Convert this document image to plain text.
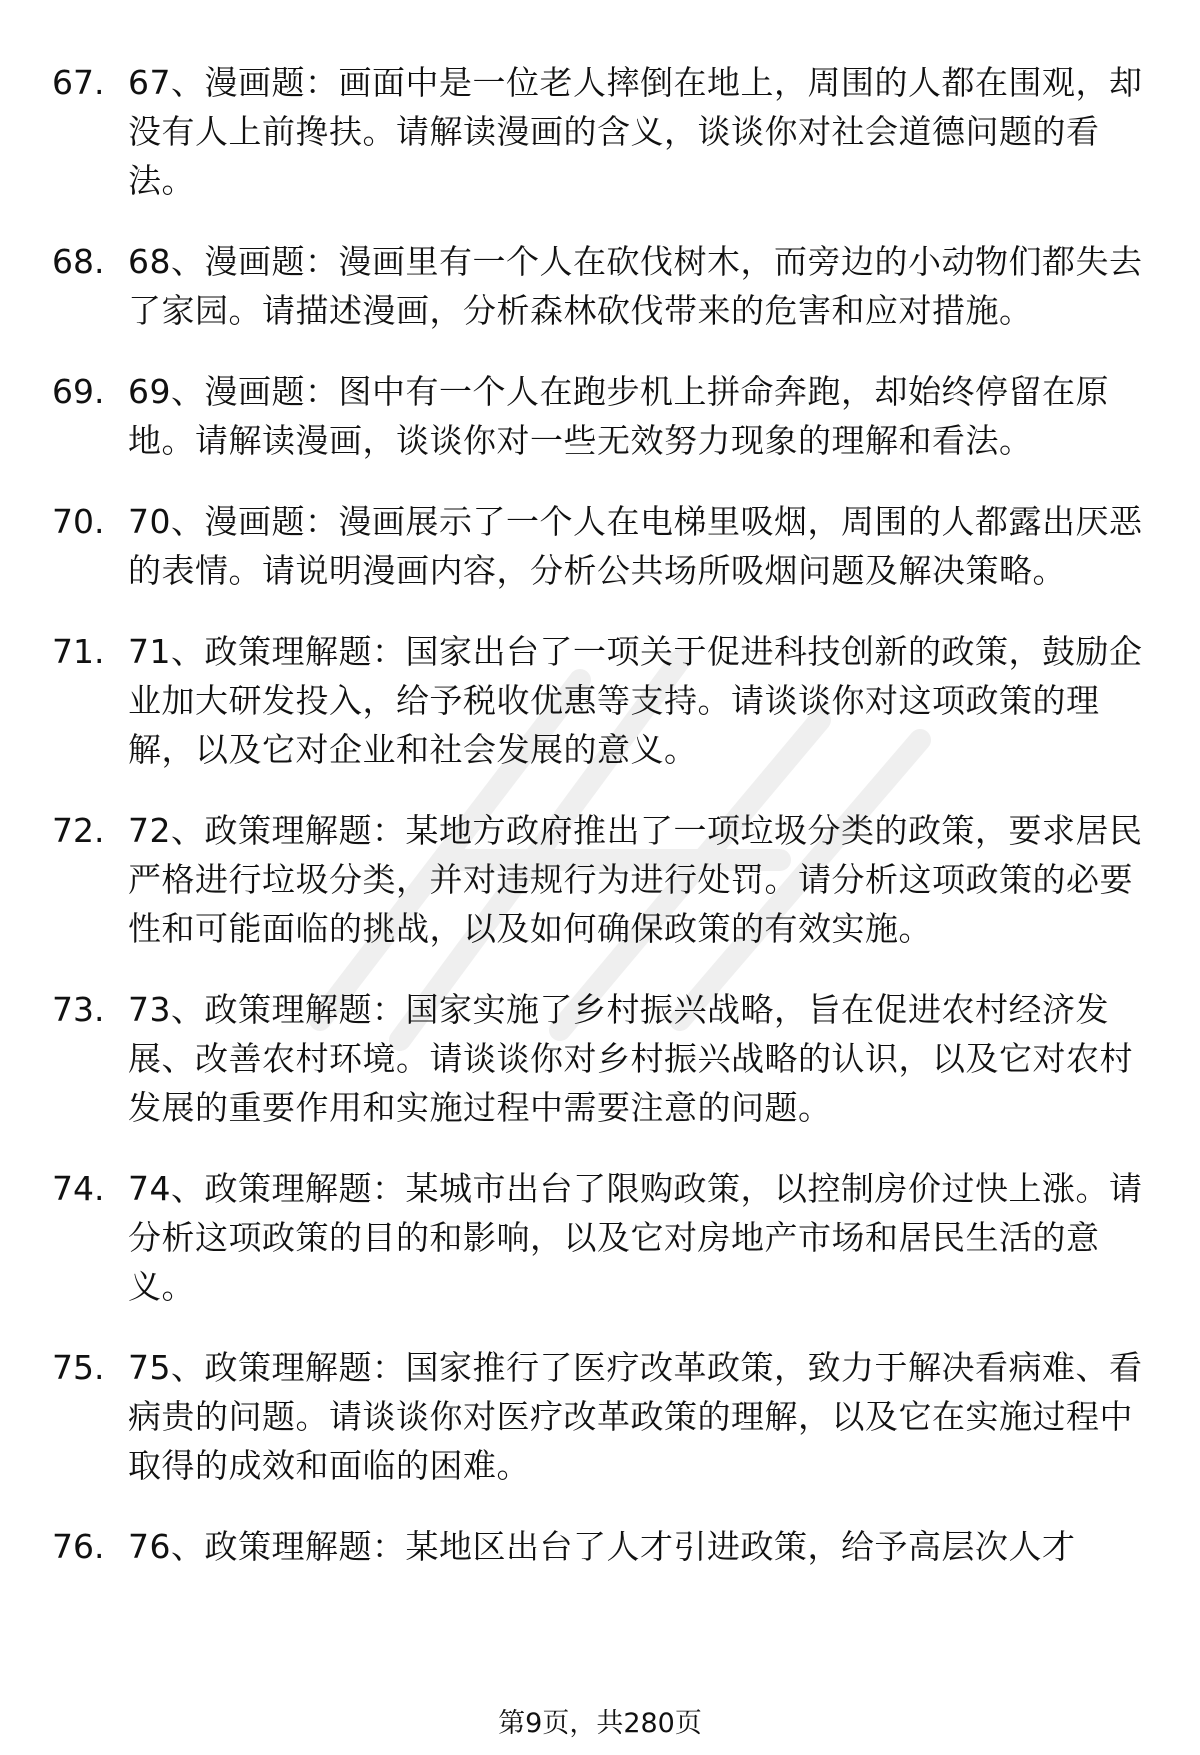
67. 67、漫画题：画面中是一位老人摔倒在地上，周围的人都在围观，却没有人上前搀扶。请解读漫画的含义，谈谈你对社会道德问题的看法。
68. 68、漫画题：漫画里有一个人在砍伐树木，而旁边的小动物们都失去了家园。请描述漫画，分析森林砍伐带来的危害和应对措施。
69. 69、漫画题：图中有一个人在跑步机上拼命奔跑，却始终停留在原地。请解读漫画，谈谈你对一些无效努力现象的理解和看法。
70. 70、漫画题：漫画展示了一个人在电梯里吸烟，周围的人都露出厌恶的表情。请说明漫画内容，分析公共场所吸烟问题及解决策略。
71. 71、政策理解题：国家出台了一项关于促进科技创新的政策，鼓励企业加大研发投入，给予税收优惠等支持。请谈谈你对这项政策的理解，以及它对企业和社会发展的意义。
72. 72、政策理解题：某地方政府推出了一项垃圾分类的政策，要求居民严格进行垃圾分类，并对违规行为进行处罚。请分析这项政策的必要性和可能面临的挑战，以及如何确保政策的有效实施。
73. 73、政策理解题：国家实施了乡村振兴战略，旨在促进农村经济发展、改善农村环境。请谈谈你对乡村振兴战略的认识，以及它对农村发展的重要作用和实施过程中需要注意的问题。
74. 74、政策理解题：某城市出台了限购政策，以控制房价过快上涨。请分析这项政策的目的和影响，以及它对房地产市场和居民生活的意义。
75. 75、政策理解题：国家推行了医疗改革政策，致力于解决看病难、看病贵的问题。请谈谈你对医疗改革政策的理解，以及它在实施过程中取得的成效和面临的困难。
76. 76、政策理解题：某地区出台了人才引进政策，给予高层次人才
第9页，共280页
